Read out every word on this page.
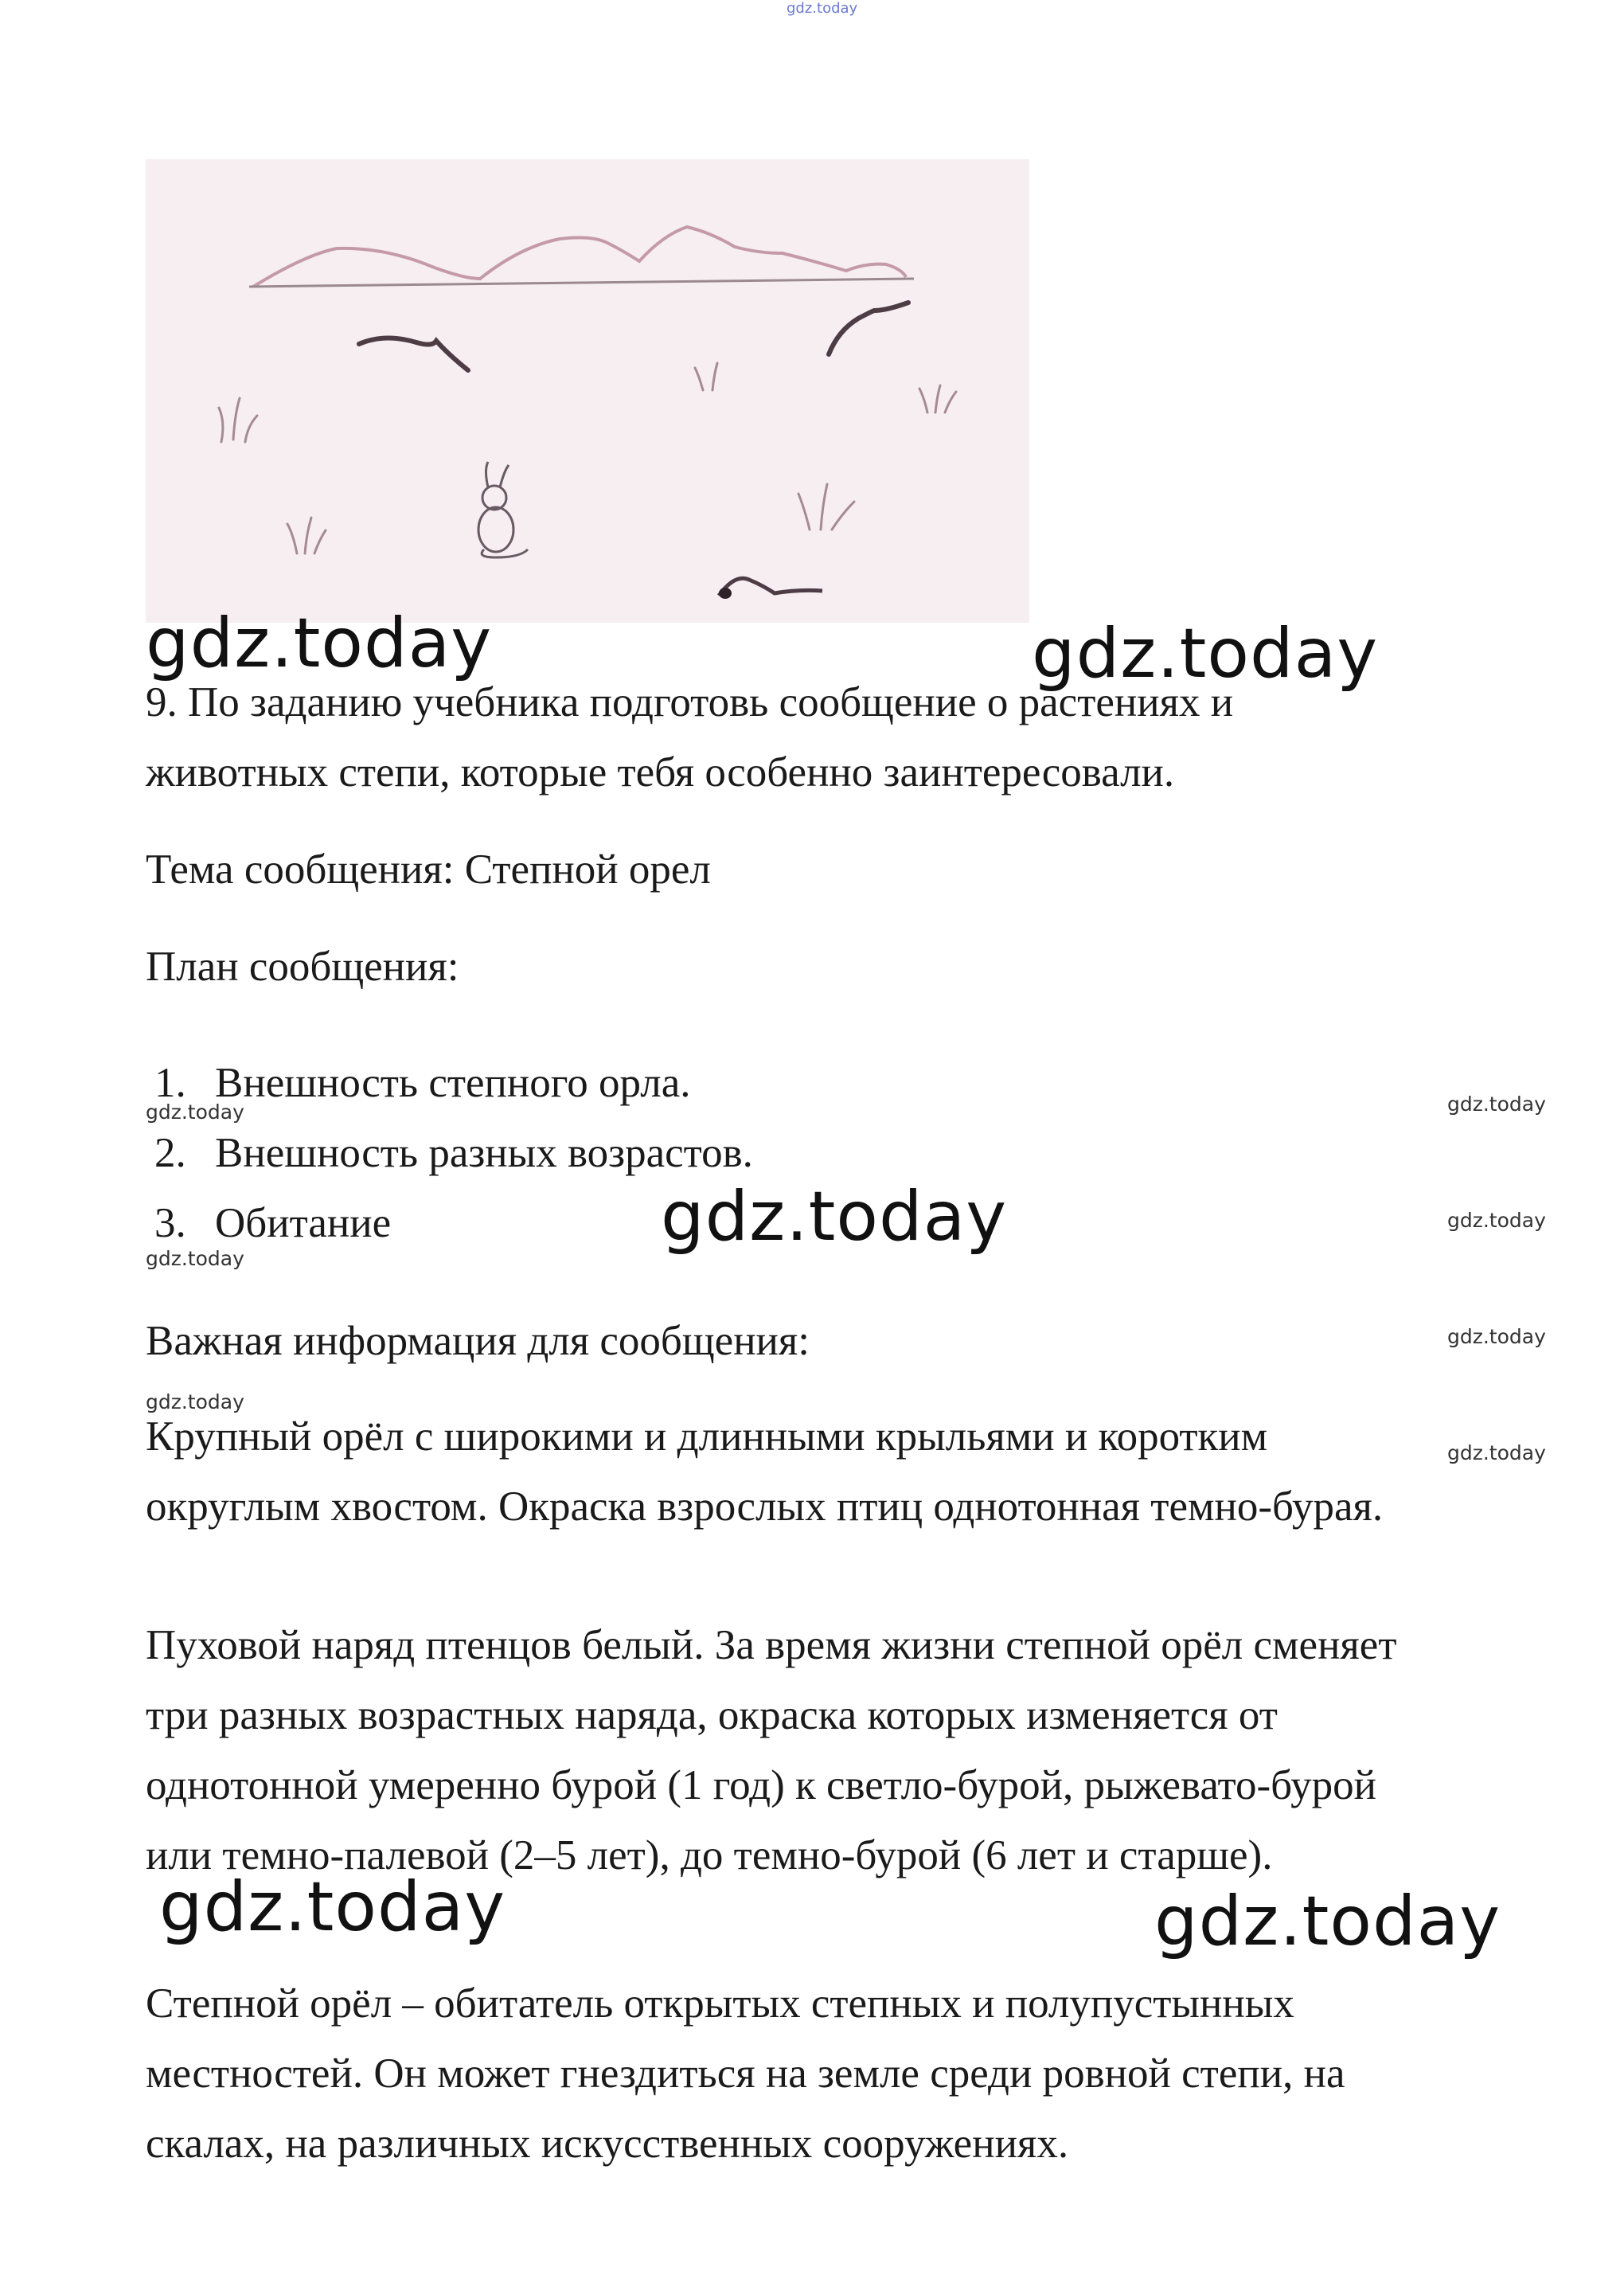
gdz.today
gdz.today	gdz.today
gdz.today
gdz.today	gdz.today
gdz.today
gdz.today
gdz.today
gdz.today
gdz.today
gdz.today
gdz.today
9. По заданию учебника подготовь сообщение о растениях и
животных степи, которые тебя особенно заинтересовали.
Тема сообщения: Степной орел
План сообщения:
1. Внешность степного орла.
2. Внешность разных возрастов.
3. Обитание
Важная информация для сообщения:
Крупный орёл с широкими и длинными крыльями и коротким
округлым хвостом. Окраска взрослых птиц однотонная темно-бурая.
Пуховой наряд птенцов белый. За время жизни степной орёл сменяет
три разных возрастных наряда, окраска которых изменяется от
однотонной умеренно бурой (1 год) к светло-бурой, рыжевато-бурой
или темно-палевой (2–5 лет), до темно-бурой (6 лет и старше).
Степной орёл – обитатель открытых степных и полупустынных
местностей. Он может гнездиться на земле среди ровной степи, на
скалах, на различных искусственных сооружениях.
